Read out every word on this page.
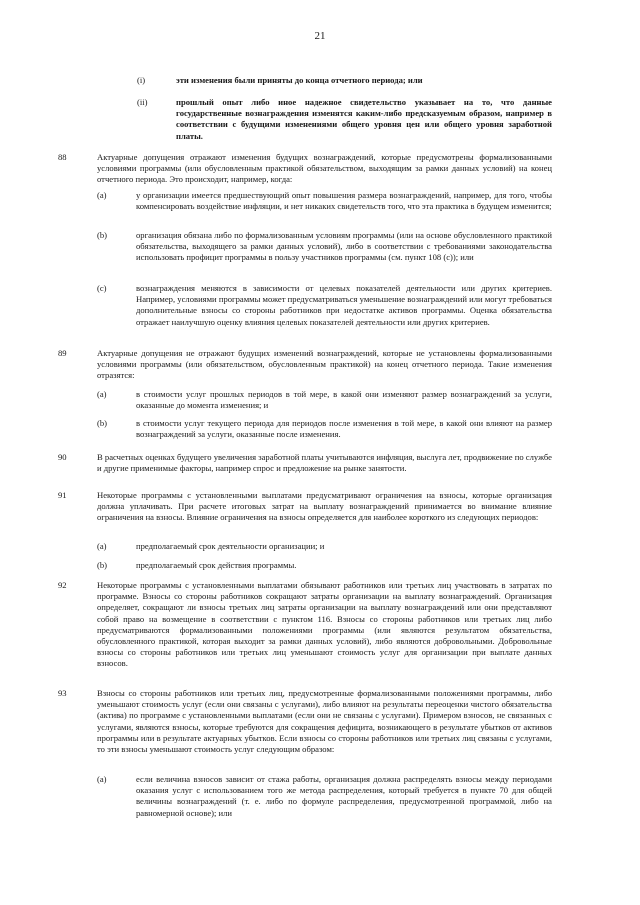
21
(i)	эти изменения были приняты до конца отчетного периода; или
(ii)	прошлый опыт либо иное надежное свидетельство указывает на то, что данные государственные вознаграждения изменятся каким-либо предсказуемым образом, например в соответствии с будущими изменениями общего уровня цен или общего уровня заработной платы.
88	Актуарные допущения отражают изменения будущих вознаграждений, которые предусмотрены формализованными условиями программы (или обусловленным практикой обязательством, выходящим за рамки данных условий) на конец отчетного периода. Это происходит, например, когда:
(a)	у организации имеется предшествующий опыт повышения размера вознаграждений, например, для того, чтобы компенсировать воздействие инфляции, и нет никаких свидетельств того, что эта практика в будущем изменится;
(b)	организация обязана либо по формализованным условиям программы (или на основе обусловленного практикой обязательства, выходящего за рамки данных условий), либо в соответствии с требованиями законодательства использовать профицит программы в пользу участников программы (см. пункт 108 (c)); или
(c)	вознаграждения меняются в зависимости от целевых показателей деятельности или других критериев. Например, условиями программы может предусматриваться уменьшение вознаграждений или могут требоваться дополнительные взносы со стороны работников при недостатке активов программы. Оценка обязательства отражает наилучшую оценку влияния целевых показателей деятельности или других критериев.
89	Актуарные допущения не отражают будущих изменений вознаграждений, которые не установлены формализованными условиями программы (или обязательством, обусловленным практикой) на конец отчетного периода. Такие изменения отразятся:
(a)	в стоимости услуг прошлых периодов в той мере, в какой они изменяют размер вознаграждений за услуги, оказанные до момента изменения; и
(b)	в стоимости услуг текущего периода для периодов после изменения в той мере, в какой они влияют на размер вознаграждений за услуги, оказанные после изменения.
90	В расчетных оценках будущего увеличения заработной платы учитываются инфляция, выслуга лет, продвижение по службе и другие применимые факторы, например спрос и предложение на рынке занятости.
91	Некоторые программы с установленными выплатами предусматривают ограничения на взносы, которые организация должна уплачивать. При расчете итоговых затрат на выплату вознаграждений принимается во внимание влияние ограничения на взносы. Влияние ограничения на взносы определяется для наиболее короткого из следующих периодов:
(a)	предполагаемый срок деятельности организации; и
(b)	предполагаемый срок действия программы.
92	Некоторые программы с установленными выплатами обязывают работников или третьих лиц участвовать в затратах по программе. Взносы со стороны работников сокращают затраты организации на выплату вознаграждений. Организация определяет, сокращают ли взносы третьих лиц затраты организации на выплату вознаграждений или они представляют собой право на возмещение в соответствии с пунктом 116. Взносы со стороны работников или третьих лиц либо предусматриваются формализованными положениями программы (или являются результатом обязательства, обусловленного практикой, которая выходит за рамки данных условий), либо являются добровольными. Добровольные взносы со стороны работников или третьих лиц уменьшают стоимость услуг для организации при выплате данных взносов.
93	Взносы со стороны работников или третьих лиц, предусмотренные формализованными положениями программы, либо уменьшают стоимость услуг (если они связаны с услугами), либо влияют на результаты переоценки чистого обязательства (актива) по программе с установленными выплатами (если они не связаны с услугами). Примером взносов, не связанных с услугами, являются взносы, которые требуются для сокращения дефицита, возникающего в результате убытков от активов программы или в результате актуарных убытков. Если взносы со стороны работников или третьих лиц связаны с услугами, то эти взносы уменьшают стоимость услуг следующим образом:
(a)	если величина взносов зависит от стажа работы, организация должна распределять взносы между периодами оказания услуг с использованием того же метода распределения, который требуется в пункте 70 для общей величины вознаграждений (т. е. либо по формуле распределения, предусмотренной программой, либо на равномерной основе); или
